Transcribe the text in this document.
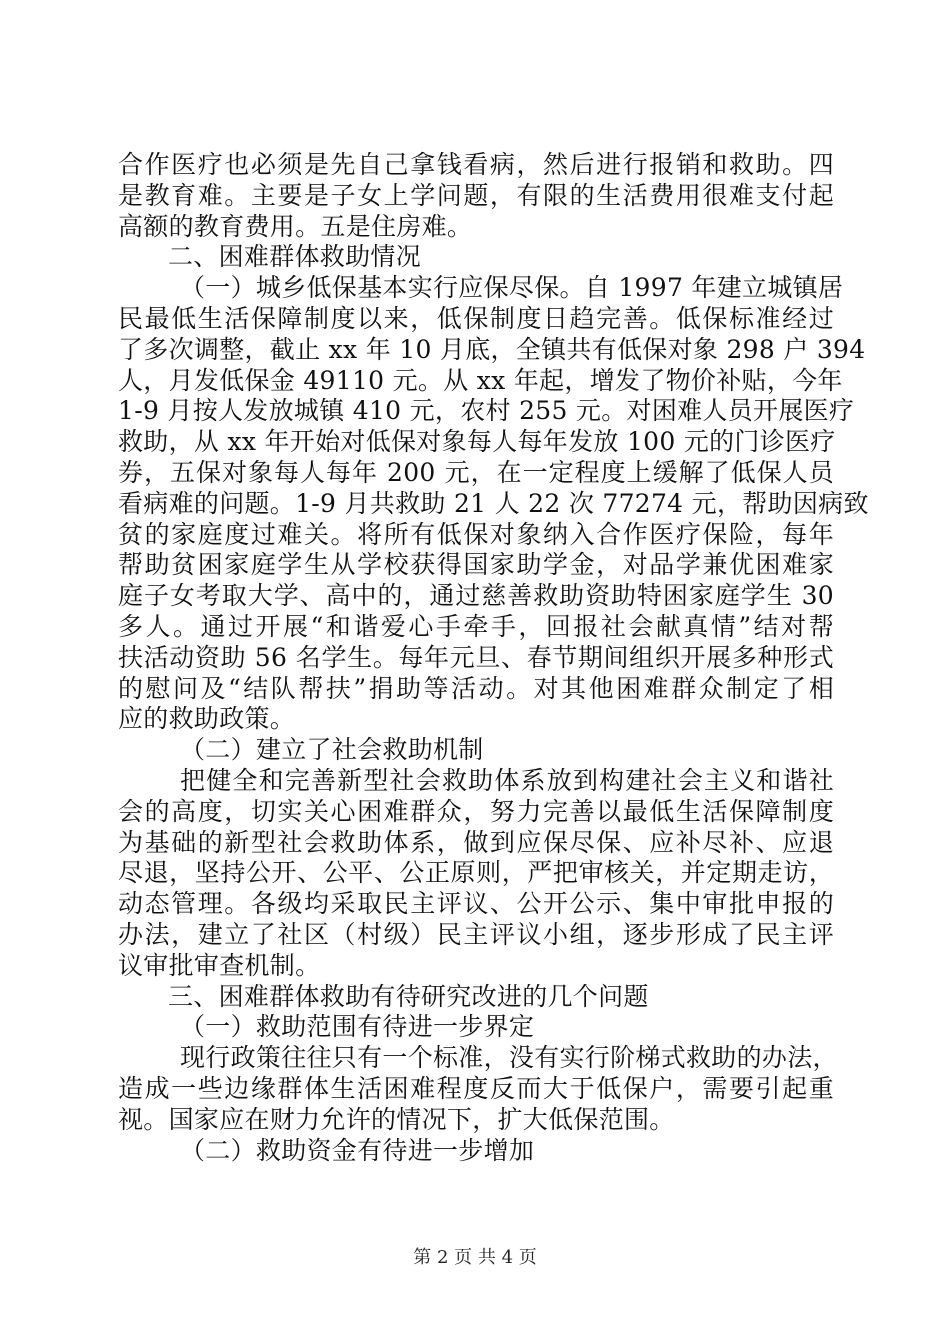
合作医疗也必须是先自己拿钱看病，然后进行报销和救助。四
是教育难。主要是子女上学问题，有限的生活费用很难支付起
高额的教育费用。五是住房难。
二、困难群体救助情况
（一）城乡低保基本实行应保尽保。自 1997 年建立城镇居
民最低生活保障制度以来，低保制度日趋完善。低保标准经过
了多次调整，截止 xx 年 10 月底，全镇共有低保对象 298 户 394
人，月发低保金 49110 元。从 xx 年起，增发了物价补贴，今年
1-9 月按人发放城镇 410 元，农村 255 元。对困难人员开展医疗
救助，从 xx 年开始对低保对象每人每年发放 100 元的门诊医疗
券，五保对象每人每年 200 元，在一定程度上缓解了低保人员
看病难的问题。1-9 月共救助 21 人 22 次 77274 元，帮助因病致
贫的家庭度过难关。将所有低保对象纳入合作医疗保险，每年
帮助贫困家庭学生从学校获得国家助学金，对品学兼优困难家
庭子女考取大学、高中的，通过慈善救助资助特困家庭学生 30
多人。通过开展“和谐爱心手牵手，回报社会献真情”结对帮
扶活动资助 56 名学生。每年元旦、春节期间组织开展多种形式
的慰问及“结队帮扶”捐助等活动。对其他困难群众制定了相
应的救助政策。
（二）建立了社会救助机制
把健全和完善新型社会救助体系放到构建社会主义和谐社
会的高度，切实关心困难群众，努力完善以最低生活保障制度
为基础的新型社会救助体系，做到应保尽保、应补尽补、应退
尽退，坚持公开、公平、公正原则，严把审核关，并定期走访，
动态管理。各级均采取民主评议、公开公示、集中审批申报的
办法，建立了社区（村级）民主评议小组，逐步形成了民主评
议审批审查机制。
三、困难群体救助有待研究改进的几个问题
（一）救助范围有待进一步界定
现行政策往往只有一个标准，没有实行阶梯式救助的办法，
造成一些边缘群体生活困难程度反而大于低保户，需要引起重
视。国家应在财力允许的情况下，扩大低保范围。
（二）救助资金有待进一步增加
第 2 页 共 4 页
